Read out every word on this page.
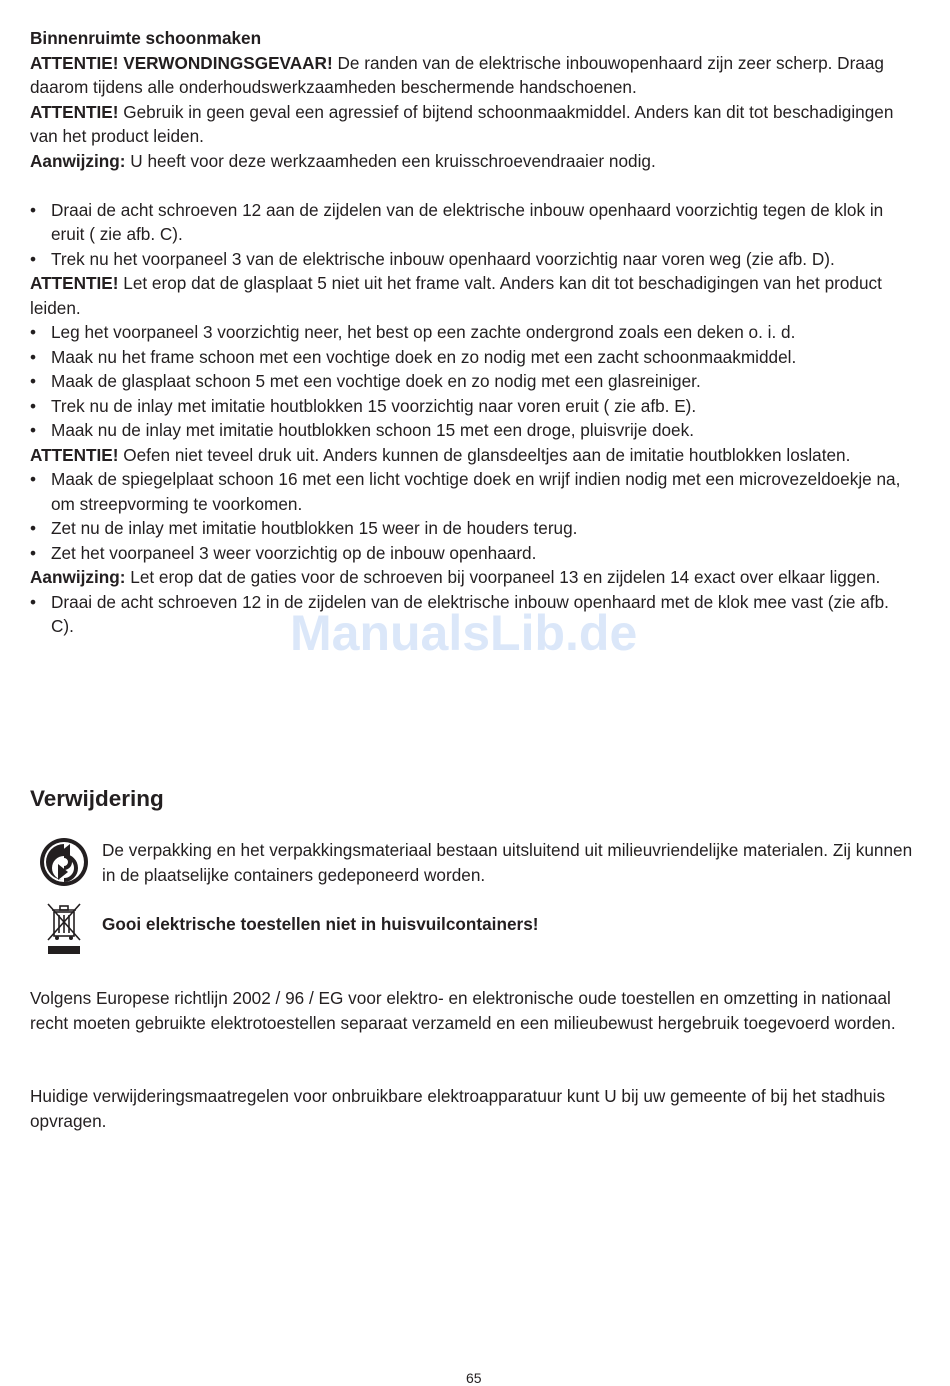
Binnenruimte schoonmaken

ATTENTIE! VERWONDINGSGEVAAR! De randen van de elektrische inbouwopenhaard zijn zeer scherp. Draag daarom tijdens alle onderhoudswerkzaamheden beschermende handschoenen.

ATTENTIE! Gebruik in geen geval een agressief of bijtend schoonmaakmiddel. Anders kan dit tot beschadigingen van het product leiden.

Aanwijzing: U heeft voor deze werkzaamheden een kruisschroevendraaier nodig.

• Draai de acht schroeven 12 aan de zijdelen van de elektrische inbouw openhaard voorzichtig tegen de klok in eruit ( zie afb. C).
• Trek nu het voorpaneel 3 van de elektrische inbouw openhaard voorzichtig naar voren weg (zie afb. D).

ATTENTIE! Let erop dat de glasplaat 5 niet uit het frame valt. Anders kan dit tot beschadigingen van het product leiden.

• Leg het voorpaneel 3 voorzichtig neer, het best op een zachte ondergrond zoals een deken o. i. d.
• Maak nu het frame schoon met een vochtige doek en zo nodig met een zacht schoonmaakmiddel.
• Maak de glasplaat schoon 5 met een vochtige doek en zo nodig met een glasreiniger.
• Trek nu de inlay met imitatie houtblokken 15 voorzichtig naar voren eruit ( zie afb. E).
• Maak nu de inlay met imitatie houtblokken schoon 15 met een droge, pluisvrije doek.

ATTENTIE! Oefen niet teveel druk uit. Anders kunnen de glansdeeltjes aan de imitatie houtblokken loslaten.

• Maak de spiegelplaat schoon 16 met een licht vochtige doek en wrijf indien nodig met een microvezeldoekje na, om streepvorming te voorkomen.
• Zet nu de inlay met imitatie houtblokken 15 weer in de houders terug.
• Zet het voorpaneel 3 weer voorzichtig op de inbouw openhaard.

Aanwijzing: Let erop dat de gaties voor de schroeven bij voorpaneel 13 en zijdelen 14 exact over elkaar liggen.

• Draai de acht schroeven 12 in de zijdelen van de elektrische inbouw openhaard met de klok mee vast (zie afb. C).
Verwijdering
De verpakking en het verpakkingsmateriaal bestaan uitsluitend uit milieuvriendelijke materialen. Zij kunnen in de plaatselijke containers gedeponeerd worden.
Gooi elektrische toestellen niet in huisvuilcontainers!

Volgens Europese richtlijn 2002 / 96 / EG voor elektro- en elektronische oude toestellen en omzetting in nationaal recht moeten gebruikte elektrotoestellen separaat verzameld en een milieubewust hergebruik toegevoerd worden.

Huidige verwijderingsmaatregelen voor onbruikbare elektroapparatuur kunt U bij uw gemeente of bij het stadhuis opvragen.

ManualsLib.de
65
